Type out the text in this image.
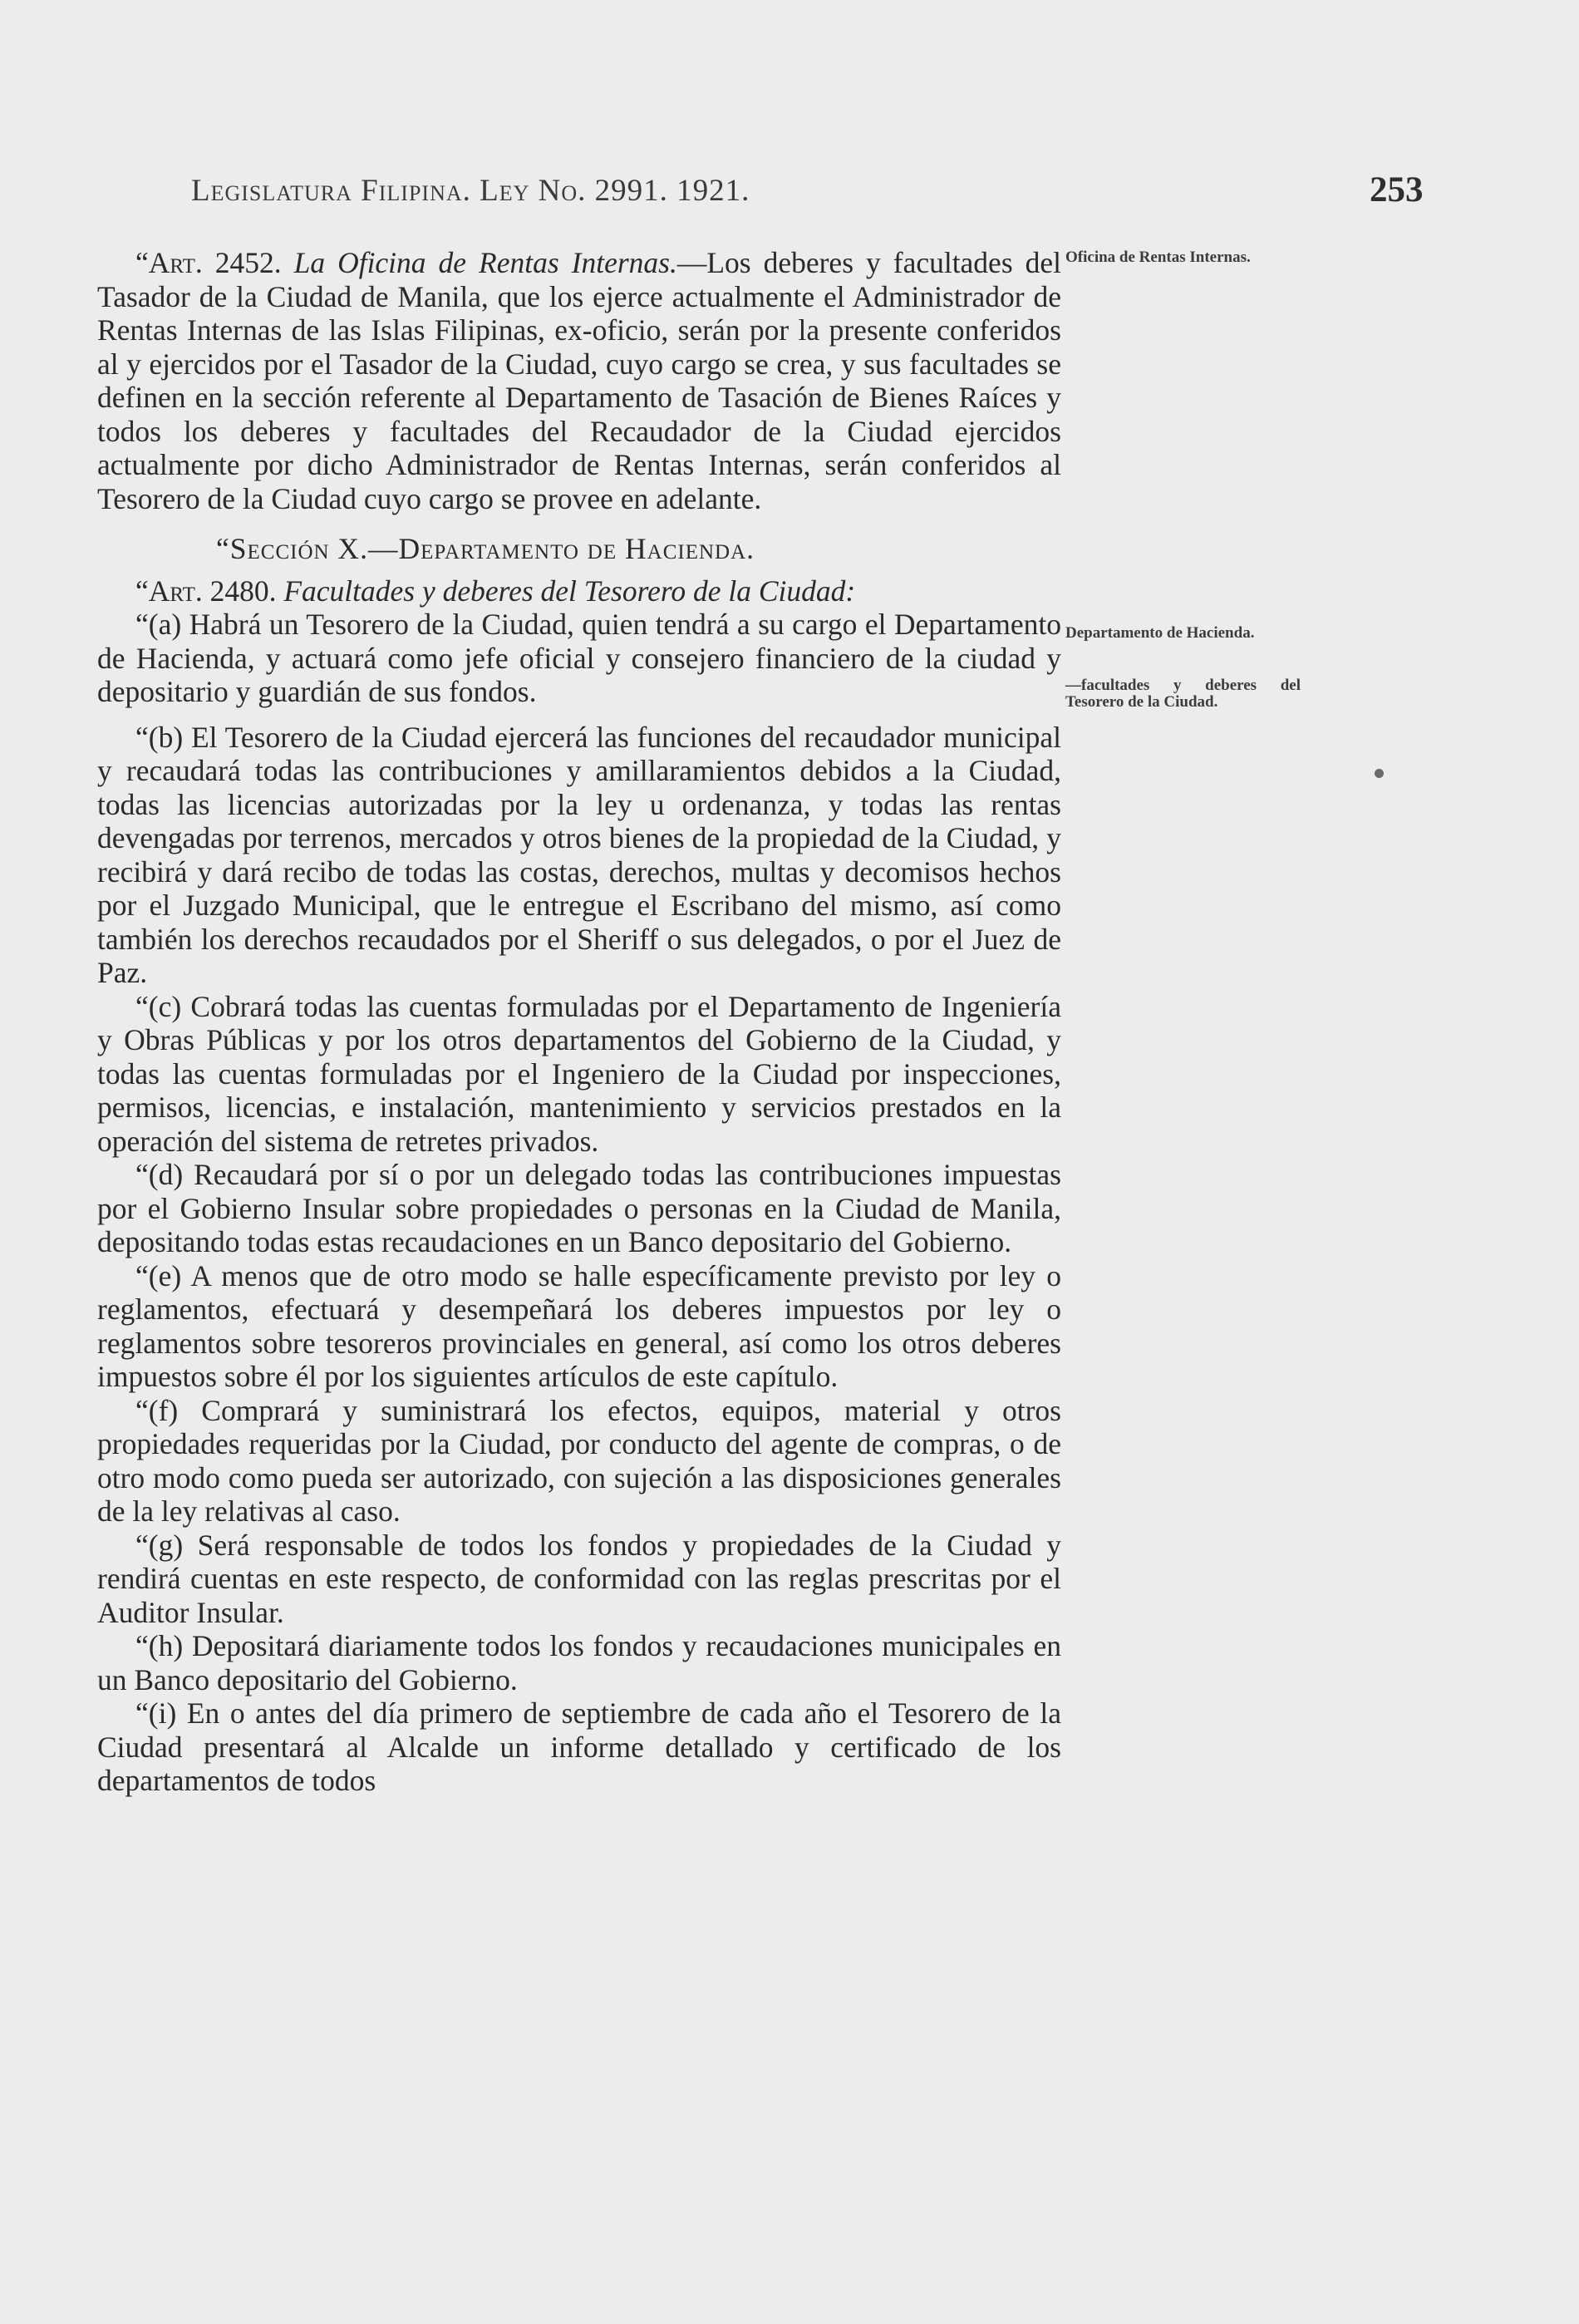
Legislatura Filipina. Ley No. 2991. 1921.	253
Oficina de Rentas Internas.
Departamento de Hacienda.
—facultades y deberes del Tesorero de la Ciudad.

“Art. 2452. La Oficina de Rentas Internas.—Los deberes y facultades del Tasador de la Ciudad de Manila, que los ejerce actualmente el Administrador de Rentas Internas de las Islas Filipinas, ex-oficio, serán por la presente conferidos al y ejercidos por el Tasador de la Ciudad, cuyo cargo se crea, y sus facultades se definen en la sección referente al Departamento de Tasación de Bienes Raíces y todos los deberes y facultades del Recaudador de la Ciudad ejercidos actualmente por dicho Administrador de Rentas Internas, serán conferidos al Tesorero de la Ciudad cuyo cargo se provee en adelante.

“Sección X.—Departamento de Hacienda.

“Art. 2480. Facultades y deberes del Tesorero de la Ciudad:

“(a) Habrá un Tesorero de la Ciudad, quien tendrá a su cargo el Departamento de Hacienda, y actuará como jefe oficial y consejero financiero de la ciudad y depositario y guardián de sus fondos.

“(b) El Tesorero de la Ciudad ejercerá las funciones del recaudador municipal y recaudará todas las contribuciones y amillaramientos debidos a la Ciudad, todas las licencias autorizadas por la ley u ordenanza, y todas las rentas devengadas por terrenos, mercados y otros bienes de la propiedad de la Ciudad, y recibirá y dará recibo de todas las costas, derechos, multas y decomisos hechos por el Juzgado Municipal, que le entregue el Escribano del mismo, así como también los derechos recaudados por el Sheriff o sus delegados, o por el Juez de Paz.

“(c) Cobrará todas las cuentas formuladas por el Departamento de Ingeniería y Obras Públicas y por los otros departamentos del Gobierno de la Ciudad, y todas las cuentas formuladas por el Ingeniero de la Ciudad por inspecciones, permisos, licencias, e instalación, mantenimiento y servicios prestados en la operación del sistema de retretes privados.

“(d) Recaudará por sí o por un delegado todas las contribuciones impuestas por el Gobierno Insular sobre propiedades o personas en la Ciudad de Manila, depositando todas estas recaudaciones en un Banco depositario del Gobierno.

“(e) A menos que de otro modo se halle específicamente previsto por ley o reglamentos, efectuará y desempeñará los deberes impuestos por ley o reglamentos sobre tesoreros provinciales en general, así como los otros deberes impuestos sobre él por los siguientes artículos de este capítulo.

“(f) Comprará y suministrará los efectos, equipos, material y otros propiedades requeridas por la Ciudad, por conducto del agente de compras, o de otro modo como pueda ser autorizado, con sujeción a las disposiciones generales de la ley relativas al caso.

“(g) Será responsable de todos los fondos y propiedades de la Ciudad y rendirá cuentas en este respecto, de conformidad con las reglas prescritas por el Auditor Insular.

“(h) Depositará diariamente todos los fondos y recaudaciones municipales en un Banco depositario del Gobierno.

“(i) En o antes del día primero de septiembre de cada año el Tesorero de la Ciudad presentará al Alcalde un informe detallado y certificado de los departamentos de todos
